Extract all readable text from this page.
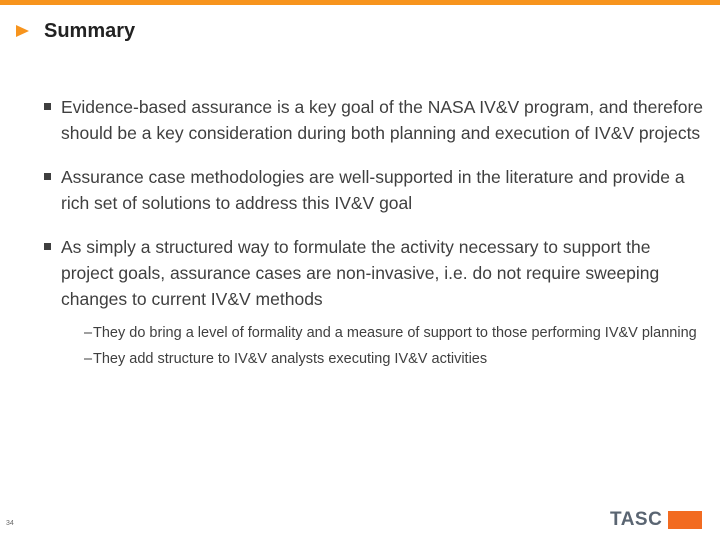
Summary
Evidence-based assurance is a key goal of the NASA IV&V program, and therefore should be a key consideration during both planning and execution of IV&V projects
Assurance case methodologies are well-supported in the literature and provide a rich set of solutions to address this IV&V goal
As simply a structured way to formulate the activity necessary to support the project goals, assurance cases are non-invasive, i.e. do not require sweeping changes to current IV&V methods
– They do bring a level of formality and a measure of support to those performing IV&V planning
– They add structure to IV&V analysts executing IV&V activities
34	TASC
